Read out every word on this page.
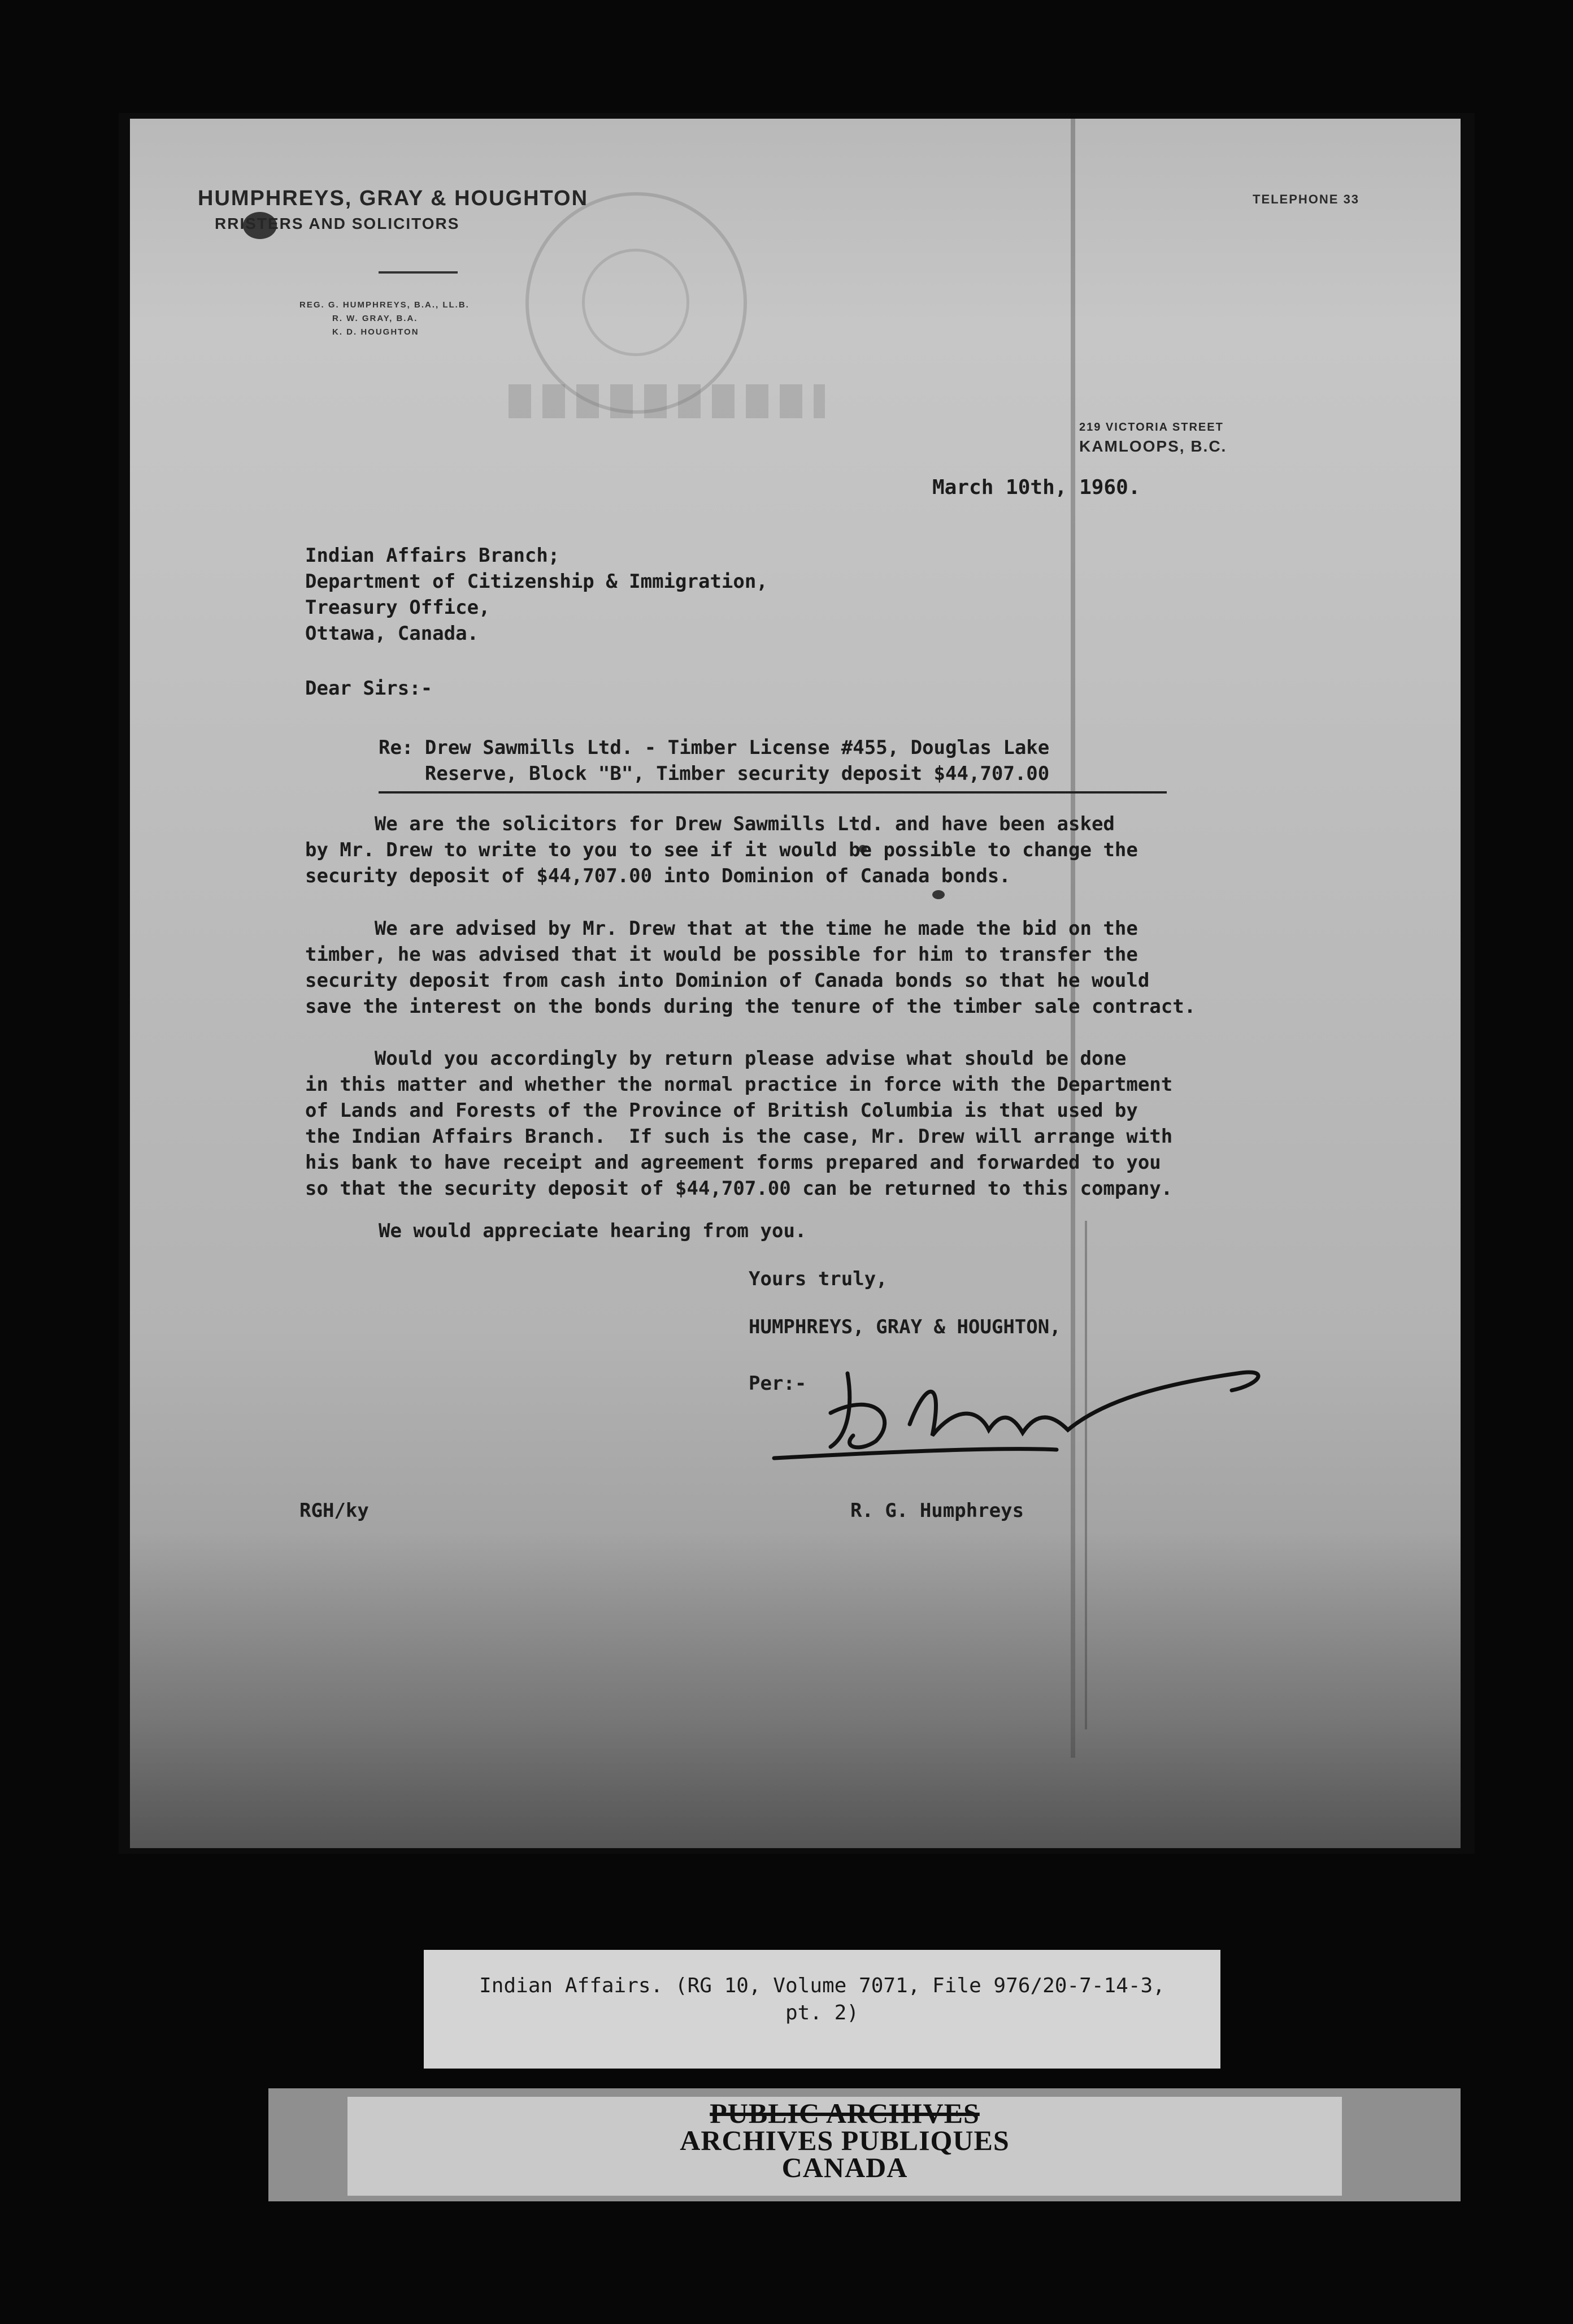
HUMPHREYS, GRAY & HOUGHTON
RRISTERS AND SOLICITORS
REG. G. HUMPHREYS, B.A., LL.B.
R. W. GRAY, B.A.
K. D. HOUGHTON
TELEPHONE 33
219 VICTORIA STREET
KAMLOOPS, B.C.
March 10th, 1960.
Indian Affairs Branch;
Department of Citizenship & Immigration,
Treasury Office,
Ottawa, Canada.
Dear Sirs:-
Re: Drew Sawmills Ltd. - Timber License #455, Douglas Lake
Reserve, Block "B", Timber security deposit $44,707.00
We are the solicitors for Drew Sawmills Ltd. and have been asked
by Mr. Drew to write to you to see if it would be possible to change the
security deposit of $44,707.00 into Dominion of Canada bonds.
We are advised by Mr. Drew that at the time he made the bid on the
timber, he was advised that it would be possible for him to transfer the
security deposit from cash into Dominion of Canada bonds so that he would
save the interest on the bonds during the tenure of the timber sale contract.
Would you accordingly by return please advise what should be done
in this matter and whether the normal practice in force with the Department
of Lands and Forests of the Province of British Columbia is that used by
the Indian Affairs Branch.  If such is the case, Mr. Drew will arrange with
his bank to have receipt and agreement forms prepared and forwarded to you
so that the security deposit of $44,707.00 can be returned to this company.
We would appreciate hearing from you.
Yours truly,
HUMPHREYS, GRAY & HOUGHTON,
Per:-
RGH/ky	R. G. Humphreys
Indian Affairs. (RG 10, Volume 7071, File 976/20-7-14-3,
pt. 2)
PUBLIC ARCHIVES
ARCHIVES PUBLIQUES
CANADA
